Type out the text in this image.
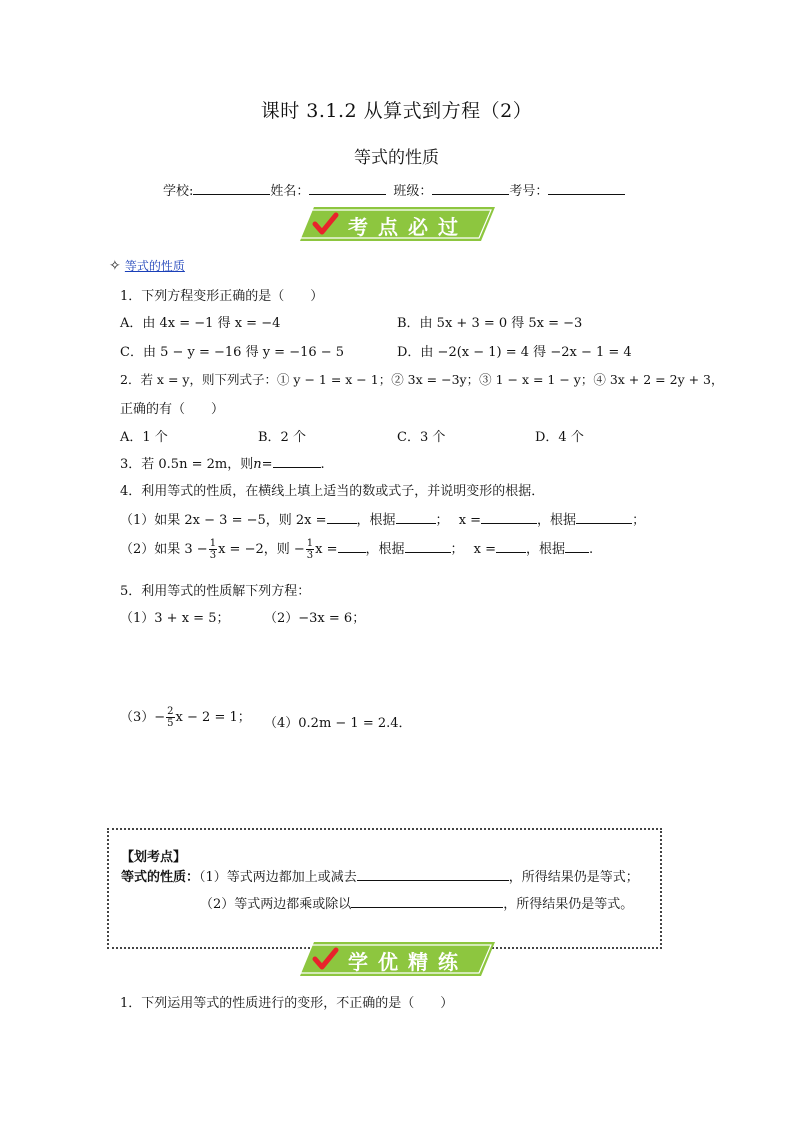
课时 3.1.2 从算式到方程（2）
等式的性质
学校:	姓名：	班级：	考号：
考点必过
✧ 等式的性质
1．下列方程变形正确的是（　　）
A．由 4x = −1 得 x = −4	B．由 5x + 3 = 0 得 5x = −3
C．由 5 − y = −16 得 y = −16 − 5	D．由 −2(x − 1) = 4 得 −2x − 1 = 4
2．若 x = y，则下列式子：① y − 1 = x − 1；② 3x = −3y；③ 1 − x = 1 − y；④ 3x + 2 = 2y + 3，
正确的有（　　）
A．1 个	B．2 个	C．3 个	D．4 个
3．若 0.5n = 2m，则n=	.
4．利用等式的性质，在横线上填上适当的数或式子，并说明变形的根据．
（1）如果 2x − 3 = −5，则 2x = ，根据	； x =	，根据	；
（2）如果 $3 - \frac{1}{3}$ x = −2，则 − $\frac{1}{3}$ x = ，根据	； x = ，根据 .
5．利用等式的性质解下列方程：
（1）3 + x = 5；	（2）−3x = 6；
$(3)- \frac{2}{5}$ x − 2 = 1； （4）0.2m − 1 = 2.4．
【划考点】
等式的性质：（1）等式两边都加上或减去	，所得结果仍是等式；
（2）等式两边都乘或除以	，所得结果仍是等式。
学优精练
1．下列运用等式的性质进行的变形，不正确的是（　　）
